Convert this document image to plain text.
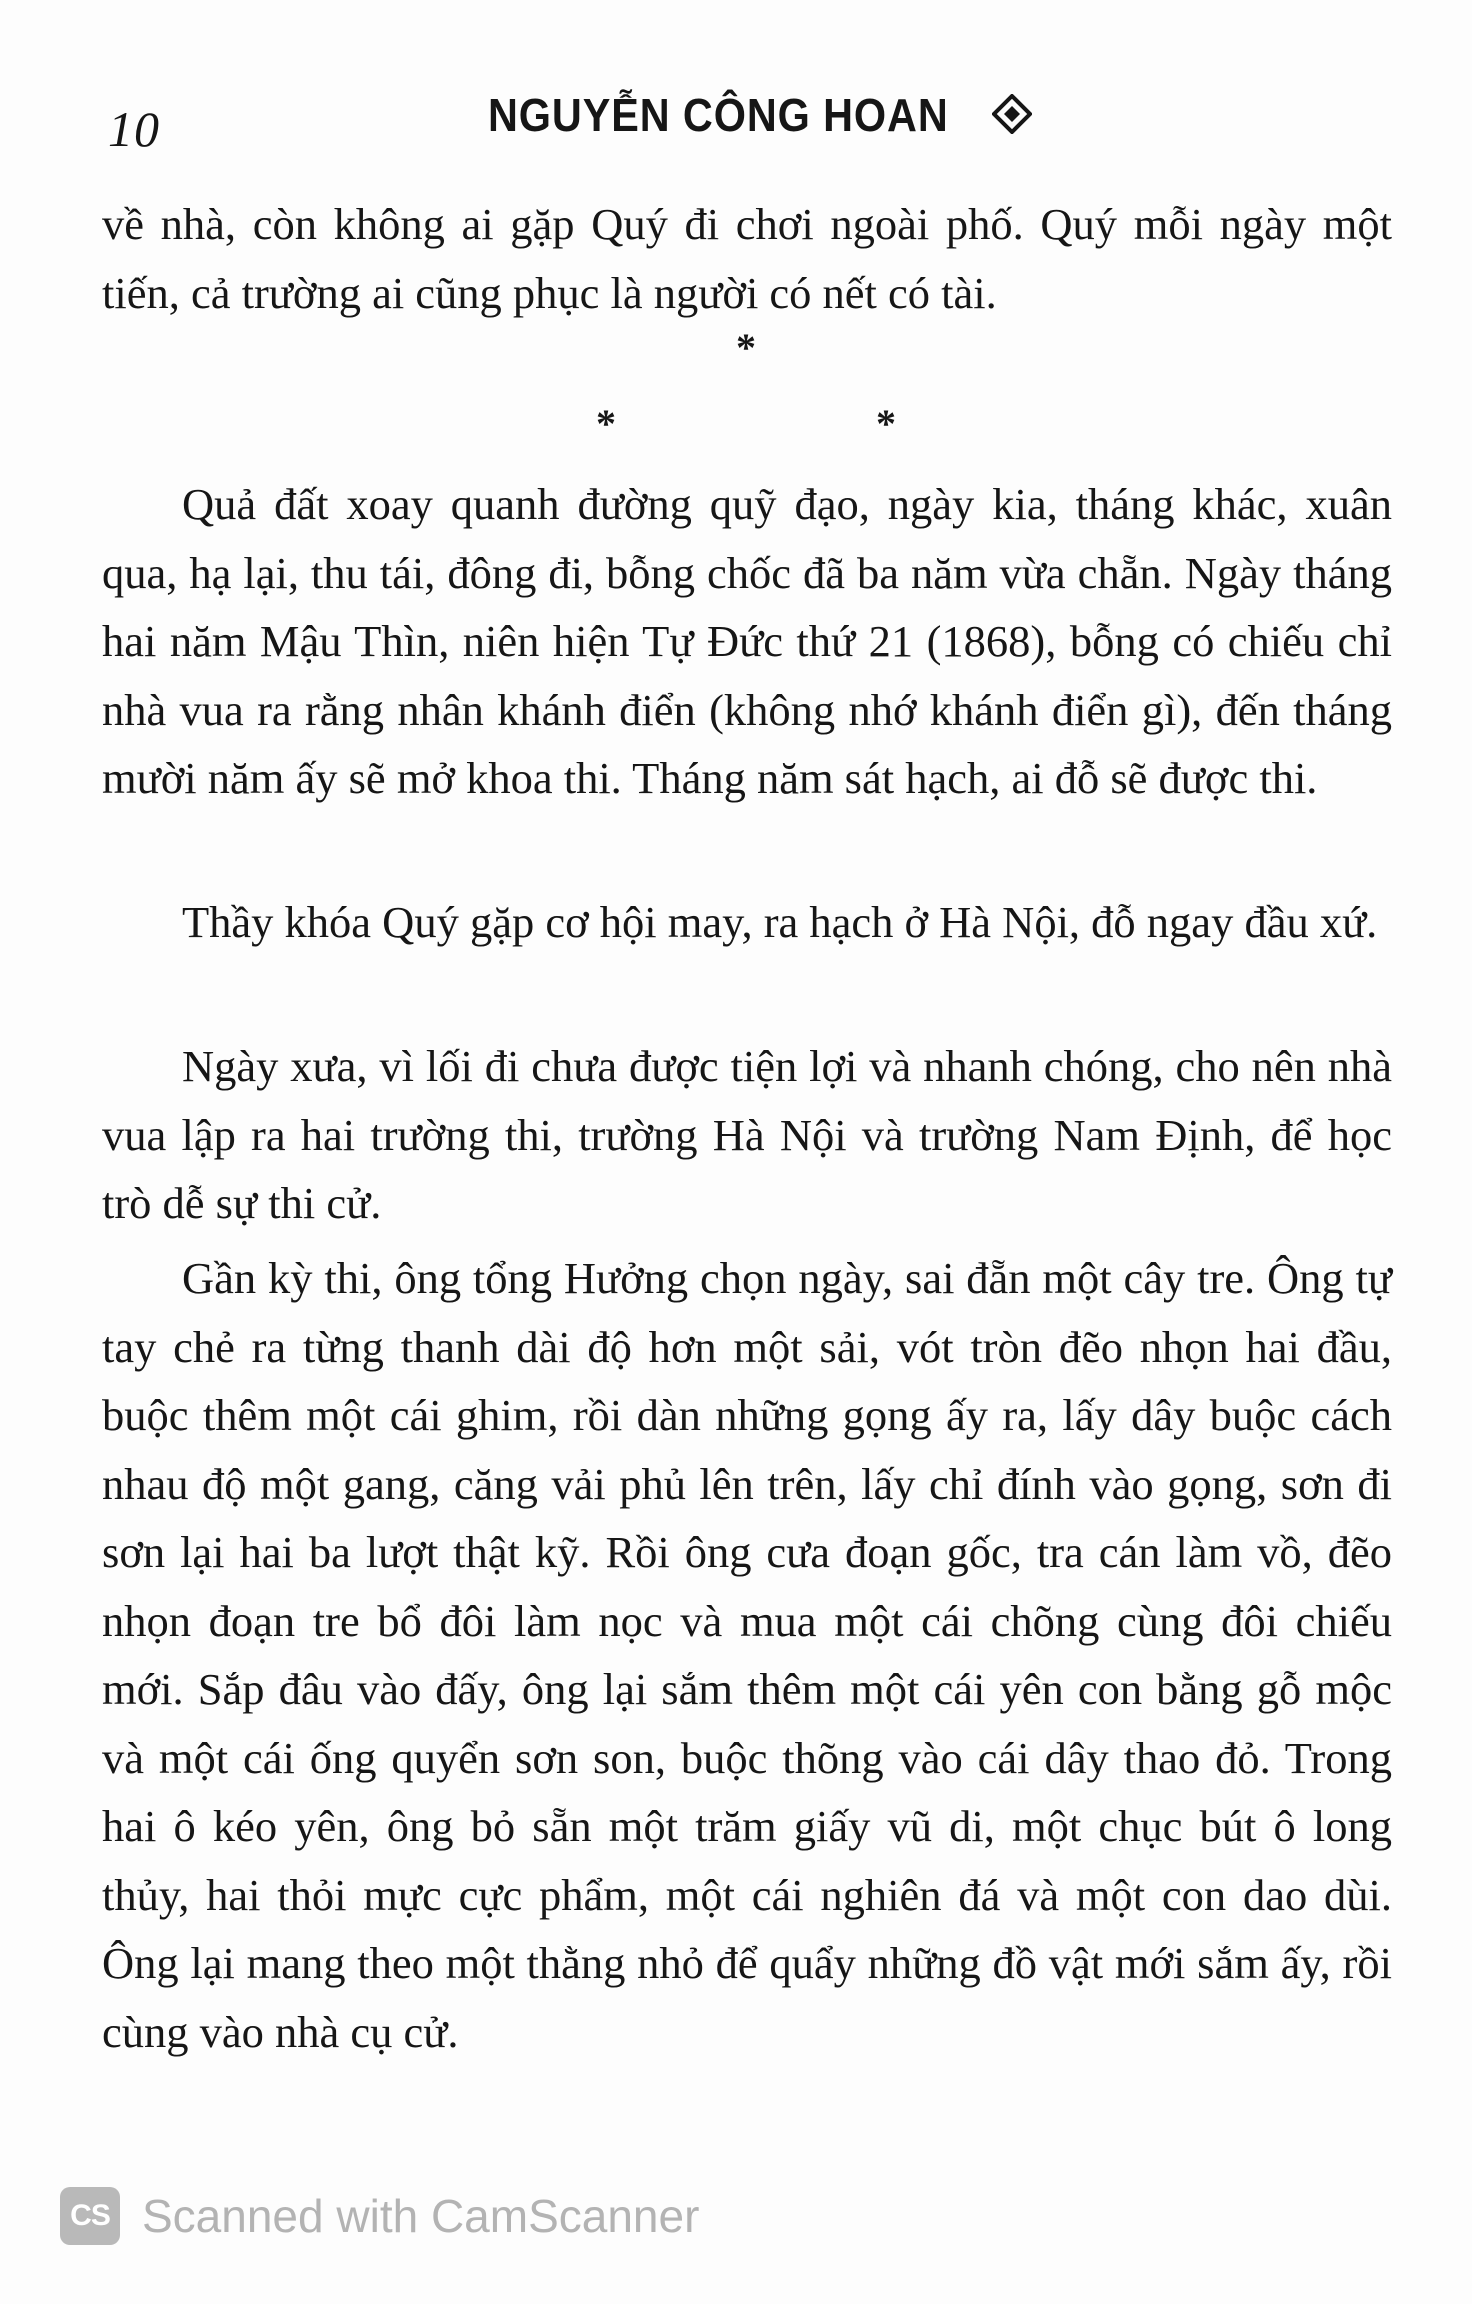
10	NGUYỄN CÔNG HOAN
về nhà, còn không ai gặp Quý đi chơi ngoài phố. Quý mỗi ngày một tiến, cả trường ai cũng phục là người có nết có tài.
*
*	*
Quả đất xoay quanh đường quỹ đạo, ngày kia, tháng khác, xuân qua, hạ lại, thu tái, đông đi, bỗng chốc đã ba năm vừa chẵn. Ngày tháng hai năm Mậu Thìn, niên hiện Tự Đức thứ 21 (1868), bỗng có chiếu chỉ nhà vua ra rằng nhân khánh điển (không nhớ khánh điển gì), đến tháng mười năm ấy sẽ mở khoa thi. Tháng năm sát hạch, ai đỗ sẽ được thi.
Thầy khóa Quý gặp cơ hội may, ra hạch ở Hà Nội, đỗ ngay đầu xứ.
Ngày xưa, vì lối đi chưa được tiện lợi và nhanh chóng, cho nên nhà vua lập ra hai trường thi, trường Hà Nội và trường Nam Định, để học trò dễ sự thi cử.
Gần kỳ thi, ông tổng Hưởng chọn ngày, sai đẵn một cây tre. Ông tự tay chẻ ra từng thanh dài độ hơn một sải, vót tròn đẽo nhọn hai đầu, buộc thêm một cái ghim, rồi dàn những gọng ấy ra, lấy dây buộc cách nhau độ một gang, căng vải phủ lên trên, lấy chỉ đính vào gọng, sơn đi sơn lại hai ba lượt thật kỹ. Rồi ông cưa đoạn gốc, tra cán làm vồ, đẽo nhọn đoạn tre bổ đôi làm nọc và mua một cái chõng cùng đôi chiếu mới. Sắp đâu vào đấy, ông lại sắm thêm một cái yên con bằng gỗ mộc và một cái ống quyển sơn son, buộc thõng vào cái dây thao đỏ. Trong hai ô kéo yên, ông bỏ sẵn một trăm giấy vũ di, một chục bút ô long thủy, hai thỏi mực cực phẩm, một cái nghiên đá và một con dao dùi. Ông lại mang theo một thằng nhỏ để quẩy những đồ vật mới sắm ấy, rồi cùng vào nhà cụ cử.
CS Scanned with CamScanner
